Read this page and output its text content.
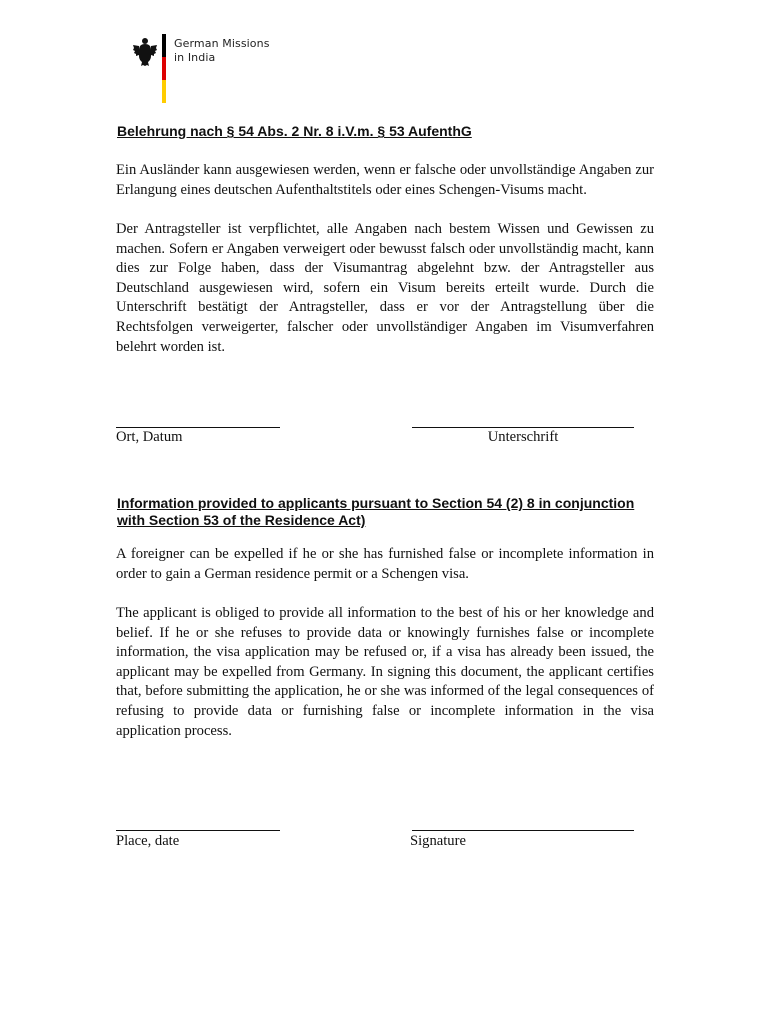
German Missions
in India
Belehrung nach § 54 Abs. 2 Nr. 8 i.V.m. § 53 AufenthG
Ein Ausländer kann ausgewiesen werden, wenn er falsche oder unvollständige Angaben zur Erlangung eines deutschen Aufenthaltstitels oder eines Schengen-Visums macht.
Der Antragsteller ist verpflichtet, alle Angaben nach bestem Wissen und Gewissen zu machen. Sofern er Angaben verweigert oder bewusst falsch oder unvollständig macht, kann dies zur Folge haben, dass der Visumantrag abgelehnt bzw. der Antragsteller aus Deutschland ausgewiesen wird, sofern ein Visum bereits erteilt wurde. Durch die Unterschrift bestätigt der Antragsteller, dass er vor der Antragstellung über die Rechtsfolgen verweigerter, falscher oder unvollständiger Angaben im Visumverfahren belehrt worden ist.
Ort, Datum	Unterschrift
Information provided to applicants pursuant to Section 54 (2) 8 in conjunction with Section 53 of the Residence Act)
A foreigner can be expelled if he or she has furnished false or incomplete information in order to gain a German residence permit or a Schengen visa.
The applicant is obliged to provide all information to the best of his or her knowledge and belief. If he or she refuses to provide data or knowingly furnishes false or incomplete information, the visa application may be refused or, if a visa has already been issued, the applicant may be expelled from Germany. In signing this document, the applicant certifies that, before submitting the application, he or she was informed of the legal consequences of refusing to provide data or furnishing false or incomplete information in the visa application process.
Place, date	Signature
